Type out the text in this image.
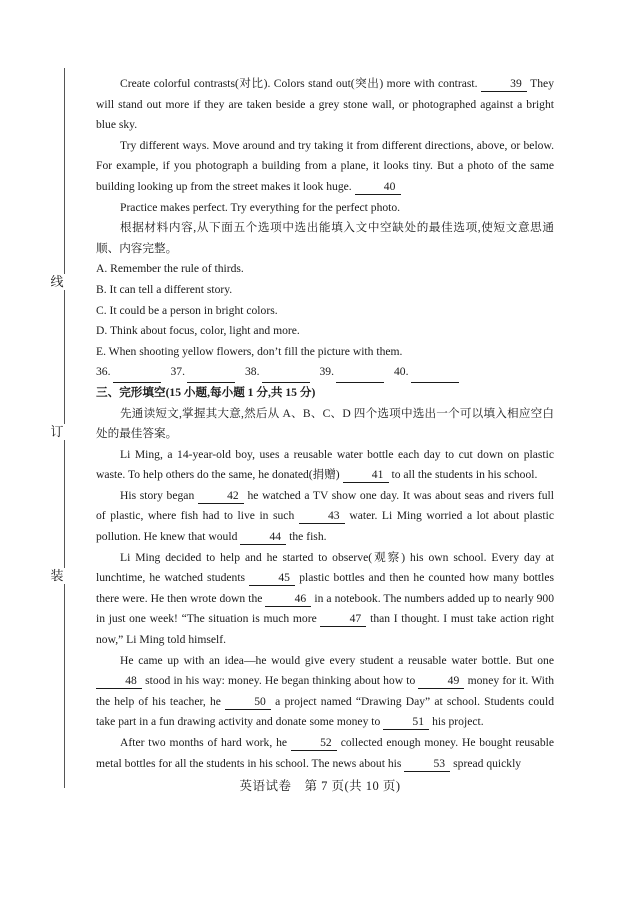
线
订
装

Create colorful contrasts(对比). Colors stand out(突出) more with contrast.	39 They will stand out more if they are taken beside a grey stone wall, or photographed against a bright blue sky.

Try different ways. Move around and try taking it from different directions, above, or below. For example, if you photograph a building from a plane, it looks tiny. But a photo of the same building looking up from the street makes it look huge.	40

Practice makes perfect. Try everything for the perfect photo.

根据材料内容,从下面五个选项中选出能填入文中空缺处的最佳选项,使短文意思通顺、内容完整。

A. Remember the rule of thirds.

B. It can tell a different story.

C. It could be a person in bright colors.

D. Think about focus, color, light and more.

E. When shooting yellow flowers, don’t fill the picture with them.

36.	37.	38.	39.	40.

三、完形填空(15 小题,每小题 1 分,共 15 分)

先通读短文,掌握其大意,然后从 A、B、C、D 四个选项中选出一个可以填入相应空白处的最佳答案。

Li Ming, a 14-year-old boy, uses a reusable water bottle each day to cut down on plastic waste. To help others do the same, he donated(捐赠)	41 to all the students in his school.

His story began	42 he watched a TV show one day. It was about seas and rivers full of plastic, where fish had to live in such	43 water. Li Ming worried a lot about plastic pollution. He knew that would	44 the fish.

Li Ming decided to help and he started to observe(观察) his own school. Every day at lunchtime, he watched students	45 plastic bottles and then he counted how many bottles there were. He then wrote down the	46 in a notebook. The numbers added up to nearly 900 in just one week! “The situation is much more	47 than I thought. I must take action right now,” Li Ming told himself.

He came up with an idea—he would give every student a reusable water bottle. But one 48 stood in his way: money. He began thinking about how to	49 money for it. With the help of his teacher, he	50 a project named “Drawing Day” at school. Students could take part in a fun drawing activity and donate some money to	51 his project.

After two months of hard work, he	52 collected enough money. He bought reusable metal bottles for all the students in his school. The news about his	53 spread quickly

英语试卷　第 7 页(共 10 页)
